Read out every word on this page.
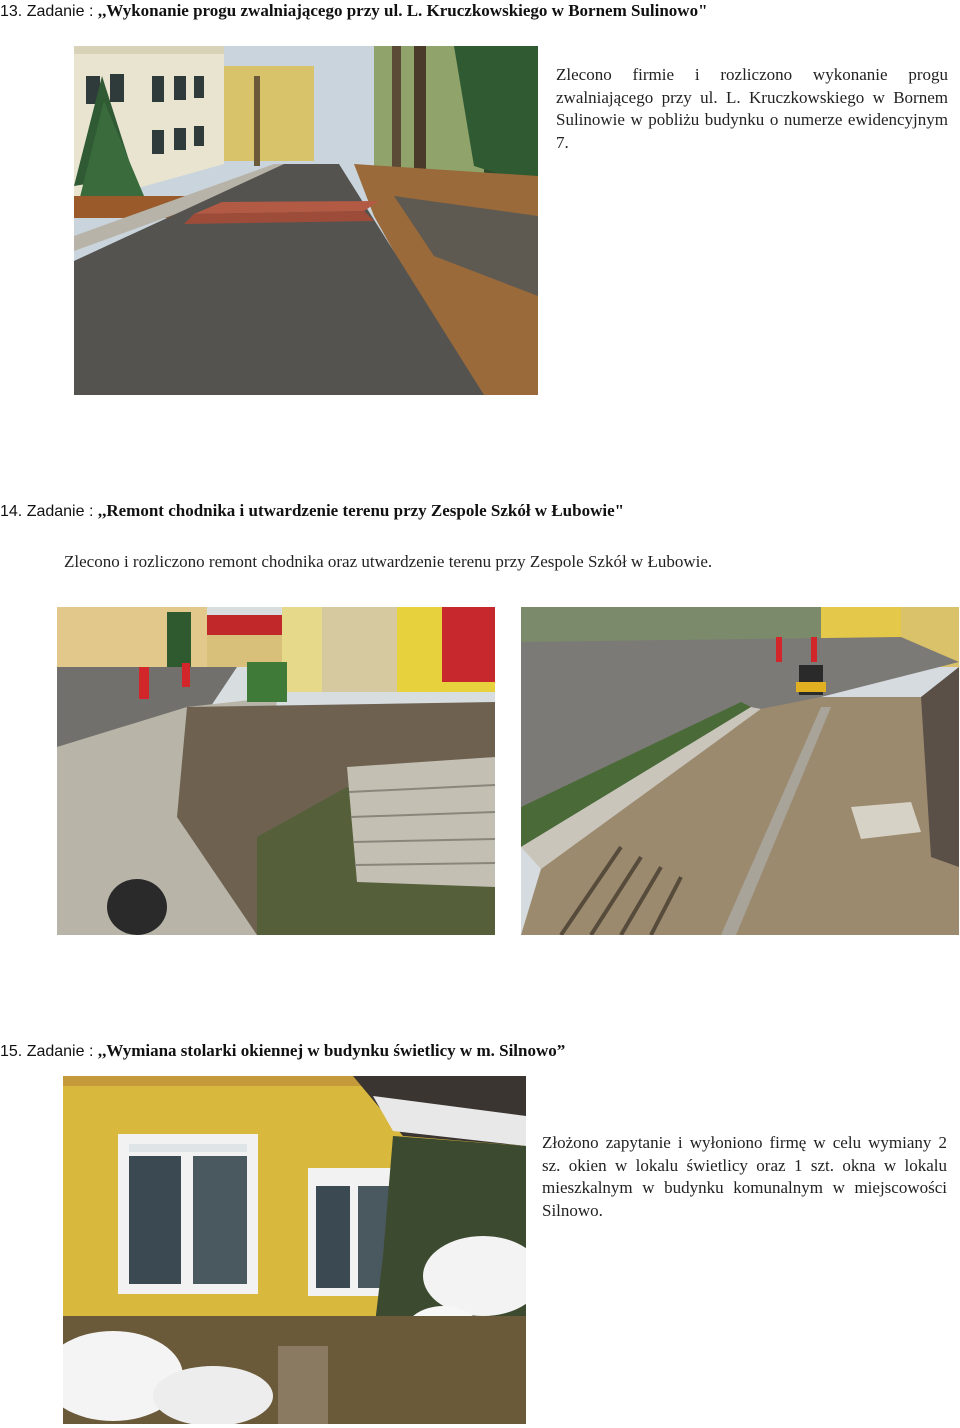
13. Zadanie : ,,Wykonanie progu zwalniającego przy ul. L. Kruczkowskiego w Bornem Sulinowo"
Zlecono firmie i rozliczono wykonanie progu zwalniającego przy ul. L. Kruczkowskiego w Bornem Sulinowie w pobliżu budynku o numerze ewidencyjnym 7.
14. Zadanie : ,,Remont chodnika i utwardzenie terenu przy Zespole Szkół w Łubowie"
Zlecono i rozliczono remont chodnika oraz utwardzenie terenu przy Zespole Szkół w Łubowie.
15. Zadanie : ,,Wymiana stolarki okiennej w budynku świetlicy w m. Silnowo”
Złożono zapytanie i wyłoniono firmę w celu wymiany 2 sz. okien w lokalu świetlicy oraz 1 szt. okna w lokalu mieszkalnym w budynku komunalnym w miejscowości Silnowo.
